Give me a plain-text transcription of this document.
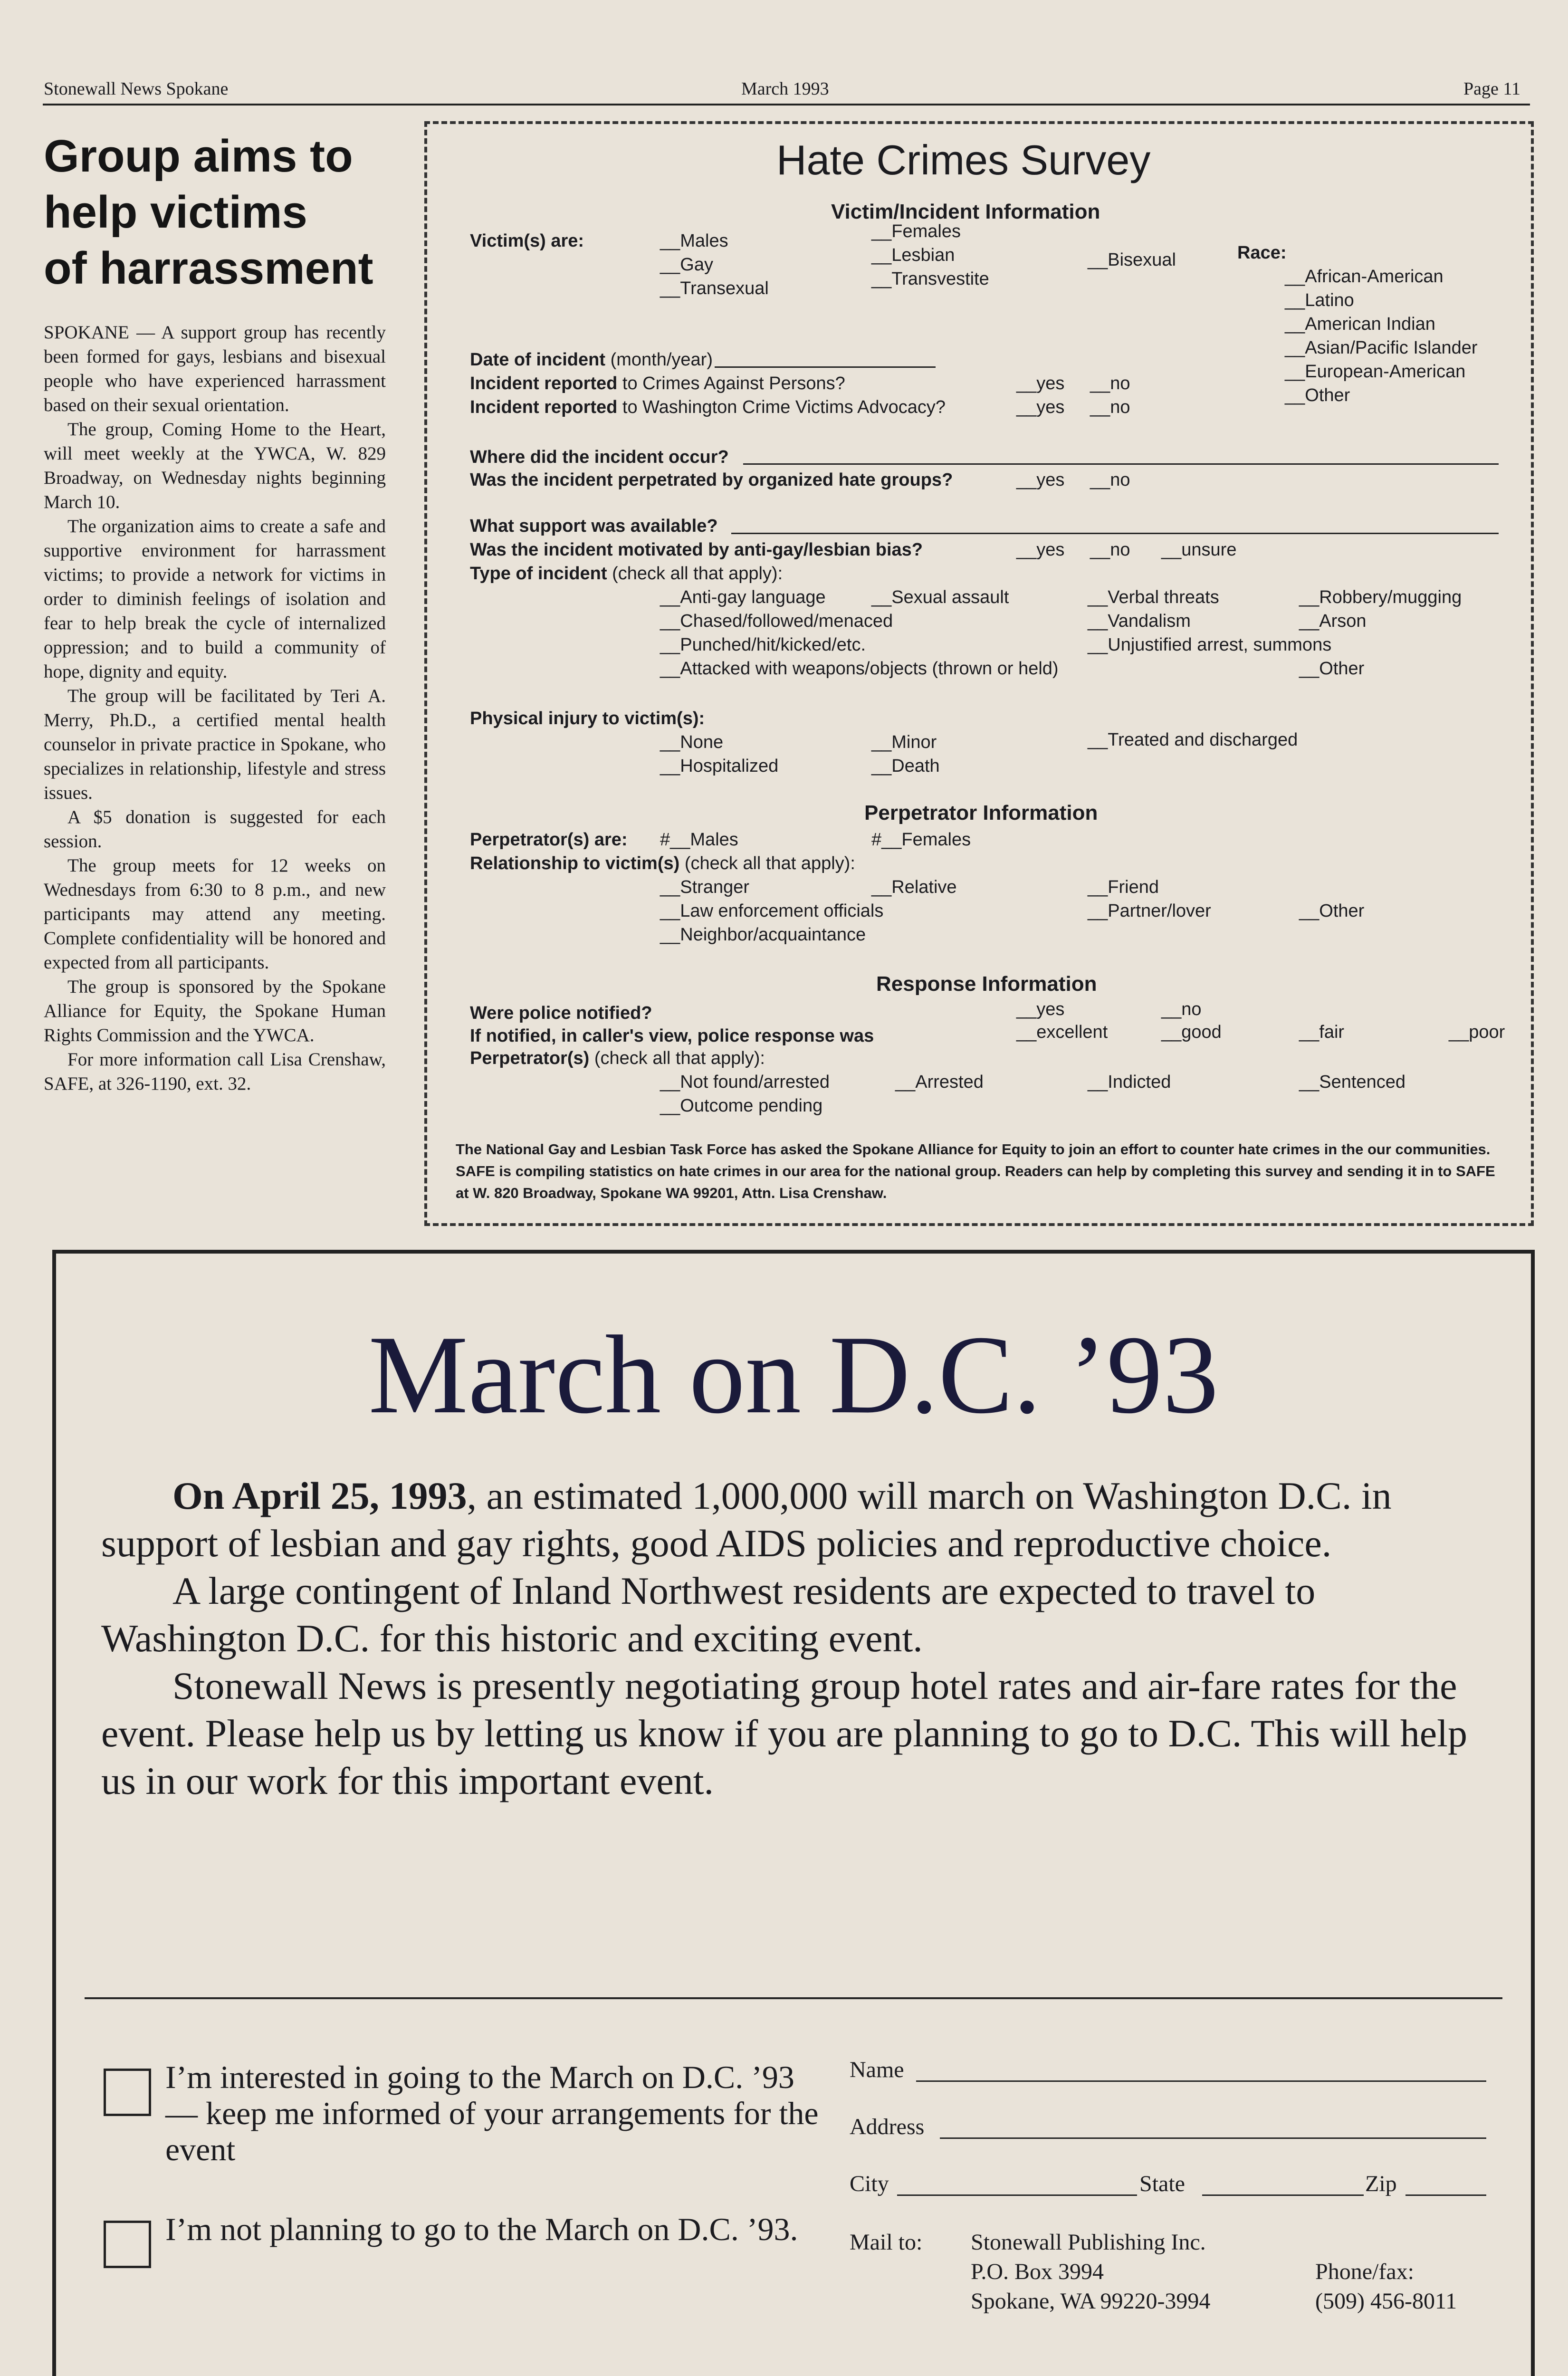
Stonewall News Spokane	March 1993	Page 11
Group aims to
help victims
of harrassment

SPOKANE — A support group has recently been formed for gays, lesbians and bisexual people who have experienced harrassment based on their sexual orientation.

The group, Coming Home to the Heart, will meet weekly at the YWCA, W. 829 Broadway, on Wednesday nights beginning March 10.

The organization aims to create a safe and supportive environment for harrassment victims; to provide a network for victims in order to diminish feelings of isolation and fear to help break the cycle of internalized oppression; and to build a community of hope, dignity and equity.

The group will be facilitated by Teri A. Merry, Ph.D., a certified mental health counselor in private practice in Spokane, who specializes in relationship, lifestyle and stress issues.

A $5 donation is suggested for each session.

The group meets for 12 weeks on Wednesdays from 6:30 to 8 p.m., and new participants may attend any meeting. Complete confidentiality will be honored and expected from all participants.

The group is sponsored by the Spokane Alliance for Equity, the Spokane Human Rights Commission and the YWCA.

For more information call Lisa Crenshaw, SAFE, at 326-1190, ext. 32.

Hate Crimes Survey
Victim/Incident Information
Victim(s) are:	__Males	__Females
__Gay	__Lesbian	__Bisexual
__Transexual	__Transvestite
Race:
__African-American
__Latino
__American Indian
__Asian/Pacific Islander
__European-American
__Other
Date of incident (month/year)
Incident reported to Crimes Against Persons?	__yes __no
Incident reported to Washington Crime Victims Advocacy?	__yes __no
Where did the incident occur?
Was the incident perpetrated by organized hate groups?	__yes __no
What support was available?
Was the incident motivated by anti-gay/lesbian bias?	__yes __no __unsure
Type of incident (check all that apply):
__Anti-gay language	__Sexual assault	__Verbal threats	__Robbery/mugging
__Chased/followed/menaced	__Vandalism	__Arson
__Punched/hit/kicked/etc.	__Unjustified arrest, summons
__Attacked with weapons/objects (thrown or held)	__Other
Physical injury to victim(s):
__None	__Minor	__Treated and discharged
__Hospitalized	__Death
Perpetrator Information
Perpetrator(s) are: #__Males	#__Females
Relationship to victim(s) (check all that apply):
__Stranger	__Relative	__Friend
__Law enforcement officials	__Partner/lover	__Other
__Neighbor/acquaintance
Response Information
Were police notified?	__yes	__no
If notified, in caller's view, police response was	__excellent	__good	__fair	__poor
Perpetrator(s) (check all that apply):
__Not found/arrested	__Arrested	__Indicted	__Sentenced
__Outcome pending
The National Gay and Lesbian Task Force has asked the Spokane Alliance for Equity to join an effort to counter hate crimes in the our communities. SAFE is compiling statistics on hate crimes in our area for the national group. Readers can help by completing this survey and sending it in to SAFE at W. 820 Broadway, Spokane WA 99201, Attn. Lisa Crenshaw.
March on D.C. ’93

On April 25, 1993, an estimated 1,000,000 will march on Washington D.C. in support of lesbian and gay rights, good AIDS policies and reproductive choice.

A large contingent of Inland Northwest residents are expected to travel to Washington D.C. for this historic and exciting event.

Stonewall News is presently negotiating group hotel rates and air-fare rates for the event. Please help us by letting us know if you are planning to go to D.C. This will help us in our work for this important event.

I’m interested in going to the March on D.C. ’93 — keep me informed of your arrangements for the event
I’m not planning to go to the March on D.C. ’93.
Name
Address
City	State	Zip
Mail to: Stonewall Publishing Inc.
P.O. Box 3994
Spokane, WA 99220-3994
Phone/fax:
(509) 456-8011
